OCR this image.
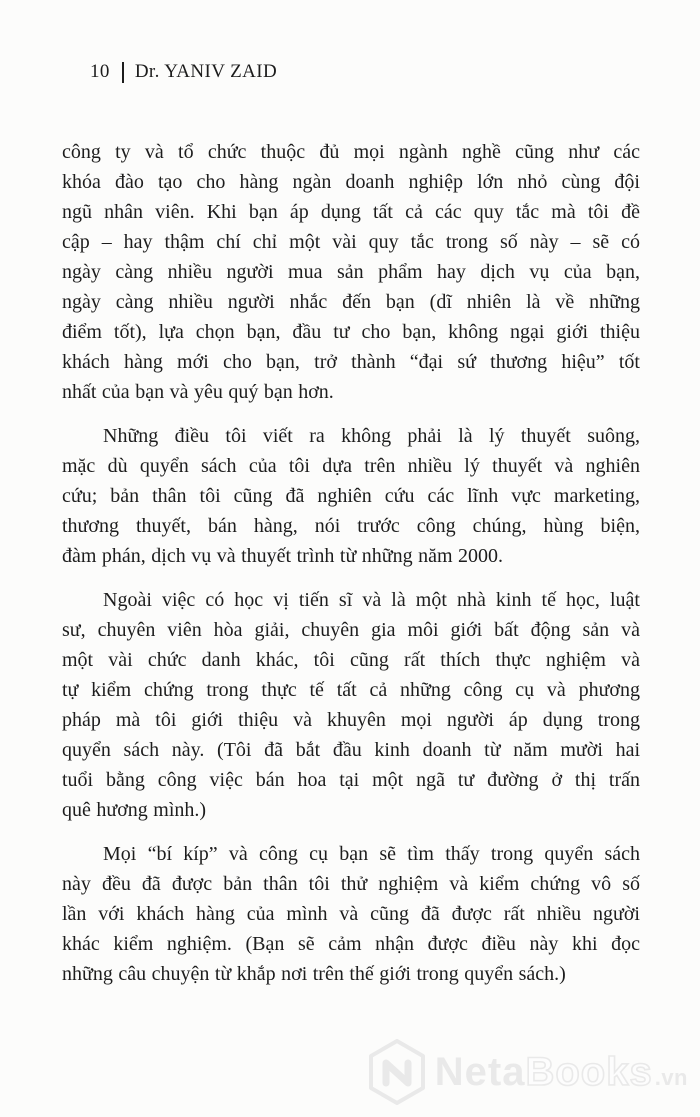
10 Dr. YANIV ZAID
công ty và tổ chức thuộc đủ mọi ngành nghề cũng như các
khóa đào tạo cho hàng ngàn doanh nghiệp lớn nhỏ cùng đội
ngũ nhân viên. Khi bạn áp dụng tất cả các quy tắc mà tôi đề
cập – hay thậm chí chỉ một vài quy tắc trong số này – sẽ có
ngày càng nhiều người mua sản phẩm hay dịch vụ của bạn,
ngày càng nhiều người nhắc đến bạn (dĩ nhiên là về những
điểm tốt), lựa chọn bạn, đầu tư cho bạn, không ngại giới thiệu
khách hàng mới cho bạn, trở thành “đại sứ thương hiệu” tốt
nhất của bạn và yêu quý bạn hơn.
Những điều tôi viết ra không phải là lý thuyết suông,
mặc dù quyển sách của tôi dựa trên nhiều lý thuyết và nghiên
cứu; bản thân tôi cũng đã nghiên cứu các lĩnh vực marketing,
thương thuyết, bán hàng, nói trước công chúng, hùng biện,
đàm phán, dịch vụ và thuyết trình từ những năm 2000.
Ngoài việc có học vị tiến sĩ và là một nhà kinh tế học, luật
sư, chuyên viên hòa giải, chuyên gia môi giới bất động sản và
một vài chức danh khác, tôi cũng rất thích thực nghiệm và
tự kiểm chứng trong thực tế tất cả những công cụ và phương
pháp mà tôi giới thiệu và khuyên mọi người áp dụng trong
quyển sách này. (Tôi đã bắt đầu kinh doanh từ năm mười hai
tuổi bằng công việc bán hoa tại một ngã tư đường ở thị trấn
quê hương mình.)
Mọi “bí kíp” và công cụ bạn sẽ tìm thấy trong quyển sách
này đều đã được bản thân tôi thử nghiệm và kiểm chứng vô số
lần với khách hàng của mình và cũng đã được rất nhiều người
khác kiểm nghiệm. (Bạn sẽ cảm nhận được điều này khi đọc
những câu chuyện từ khắp nơi trên thế giới trong quyển sách.)
Neta Books .vn
